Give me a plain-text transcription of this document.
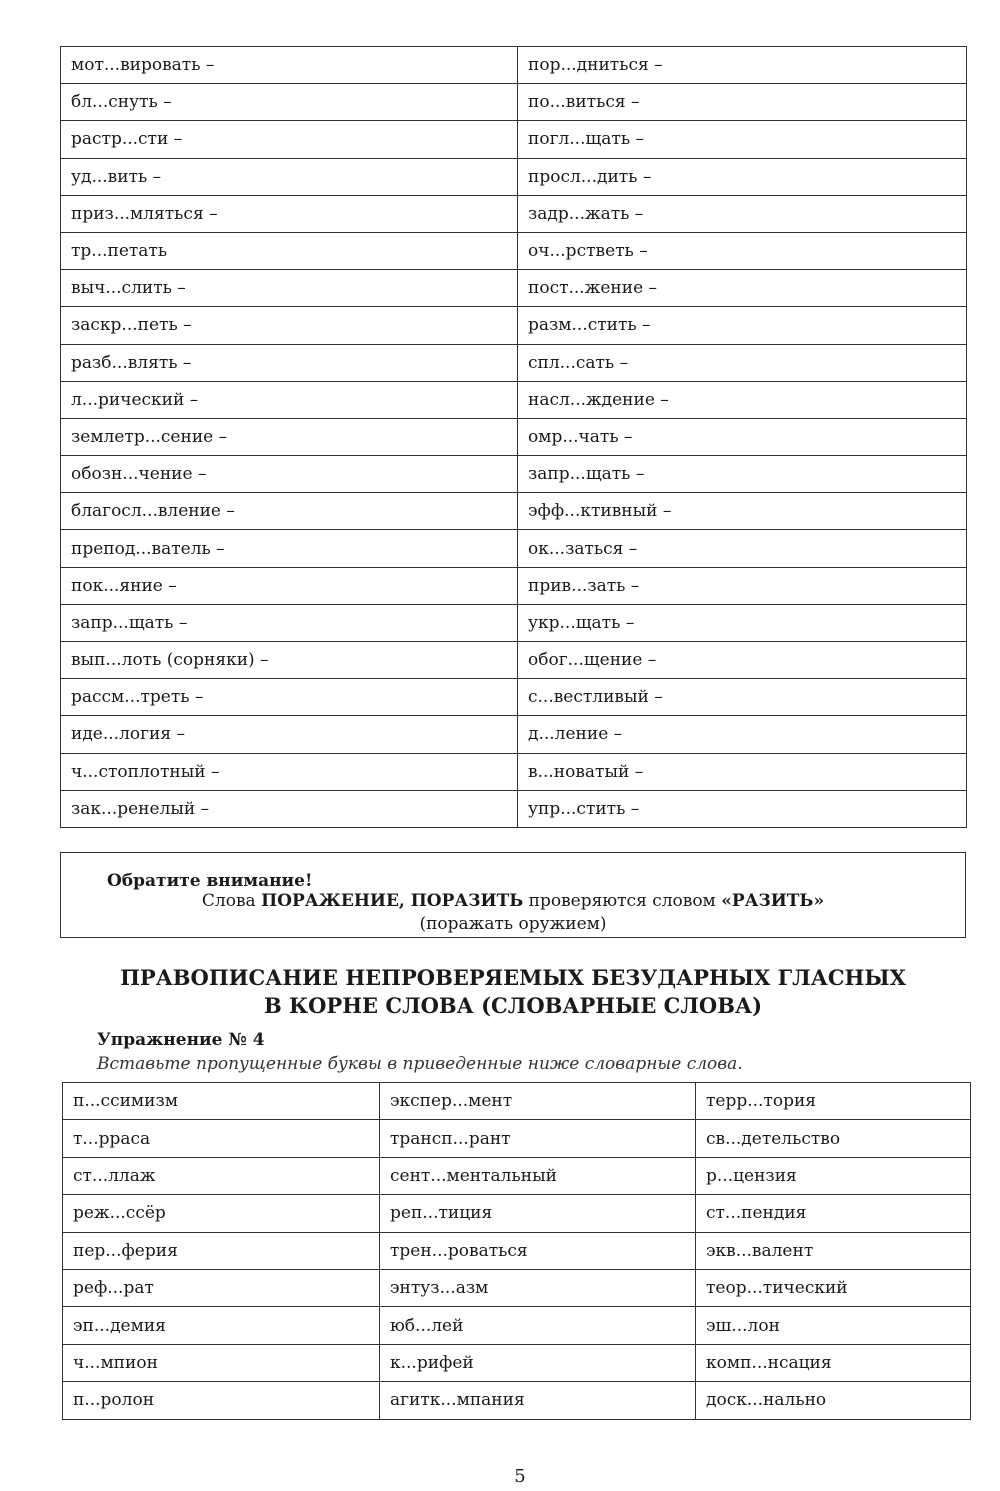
мот...вировать –	пор...дниться –
бл...снуть –	по...виться –
растр...сти –	погл...щать –
уд...вить –	просл...дить –
приз...мляться –	задр...жать –
тр...петать	оч...рстветь –
выч...слить –	пост...жение –
заскр...петь –	разм...стить –
разб...влять –	спл...сать –
л...рический –	насл...ждение –
землетр...сение –	омр...чать –
обозн...чение –	запр...щать –
благосл...вление –	эфф...ктивный –
препод...ватель –	ок...заться –
пок...яние –	прив...зать –
запр...щать –	укр...щать –
вып...лоть (сорняки) –	обог...щение –
рассм...треть –	с...вестливый –
иде...логия –	д...ление –
ч...стоплотный –	в...новатый –
зак...ренелый –	упр...стить –
Обратите внимание!
Слова ПОРАЖЕНИЕ, ПОРАЗИТЬ проверяются словом «РАЗИТЬ»
(поражать оружием)
ПРАВОПИСАНИЕ НЕПРОВЕРЯЕМЫХ БЕЗУДАРНЫХ ГЛАСНЫХ
В КОРНЕ СЛОВА (СЛОВАРНЫЕ СЛОВА)
Упражнение № 4
Вставьте пропущенные буквы в приведенные ниже словарные слова.
п...ссимизм	экспер...мент	терр...тория
т...рраса	трансп...рант	св...детельство
ст...ллаж	сент...ментальный	р...цензия
реж...ссёр	реп...тиция	ст...пендия
пер...ферия	трен...роваться	экв...валент
реф...рат	энтуз...азм	теор...тический
эп...демия	юб...лей	эш...лон
ч...мпион	к...рифей	комп...нсация
п...ролон	агитк...мпания	доск...нально
5
